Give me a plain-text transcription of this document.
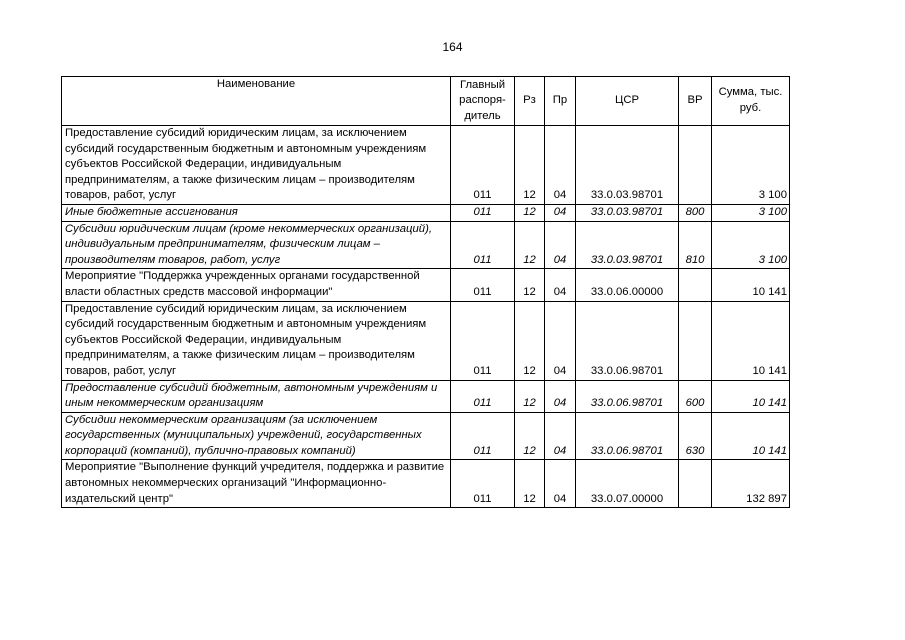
164
Наименование	Главный распоря-дитель	Рз	Пр	ЦСР	ВР	Сумма, тыс. руб.
Предоставление субсидий юридическим лицам, за исключением субсидий государственным бюджетным и автономным учреждениям субъектов Российской Федерации, индивидуальным предпринимателям, а также физическим лицам – производителям товаров, работ, услуг	011	12	04	33.0.03.98701		3 100
Иные бюджетные ассигнования	011	12	04	33.0.03.98701	800	3 100
Субсидии юридическим лицам (кроме некоммерческих организаций), индивидуальным предпринимателям, физическим лицам – производителям товаров, работ, услуг	011	12	04	33.0.03.98701	810	3 100
Мероприятие "Поддержка учрежденных органами государственной власти областных средств массовой информации"	011	12	04	33.0.06.00000		10 141
Предоставление субсидий юридическим лицам, за исключением субсидий государственным бюджетным и автономным учреждениям субъектов Российской Федерации, индивидуальным предпринимателям, а также физическим лицам – производителям товаров, работ, услуг	011	12	04	33.0.06.98701		10 141
Предоставление субсидий бюджетным, автономным учреждениям и иным некоммерческим организациям	011	12	04	33.0.06.98701	600	10 141
Субсидии некоммерческим организациям (за исключением государственных (муниципальных) учреждений, государственных корпораций (компаний), публично-правовых компаний)	011	12	04	33.0.06.98701	630	10 141
Мероприятие "Выполнение функций учредителя, поддержка и развитие автономных некоммерческих организаций "Информационно-издательский центр"	011	12	04	33.0.07.00000		132 897
